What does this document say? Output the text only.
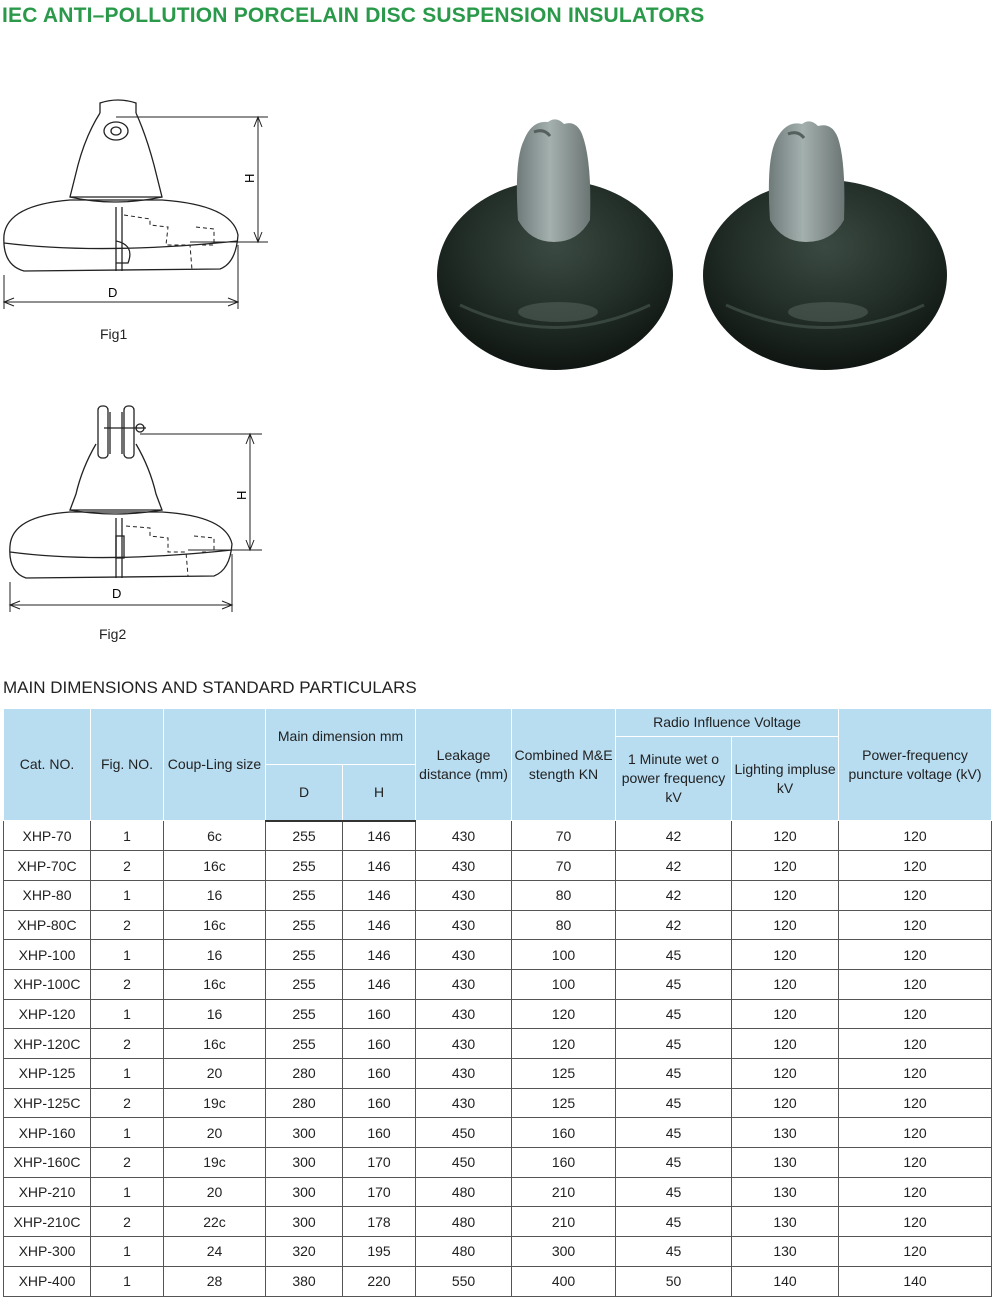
IEC ANTI–POLLUTION PORCELAIN DISC SUSPENSION INSULATORS
H
D
Fig1
H
D
Fig2
MAIN DIMENSIONS AND STANDARD PARTICULARS
Cat. NO.	Fig. NO.	Coup-Ling size	Main dimension mm		Leakage distance (mm)	Combined M&E stength KN	Radio Influence Voltage		Power-frequency puncture voltage (kV)
							1 Minute wet o power frequency kV	Lighting impluse kV	
			D	H					
XHP-70	1	6c	255	146	430	70	42	120	120
XHP-70C	2	16c	255	146	430	70	42	120	120
XHP-80	1	16	255	146	430	80	42	120	120
XHP-80C	2	16c	255	146	430	80	42	120	120
XHP-100	1	16	255	146	430	100	45	120	120
XHP-100C	2	16c	255	146	430	100	45	120	120
XHP-120	1	16	255	160	430	120	45	120	120
XHP-120C	2	16c	255	160	430	120	45	120	120
XHP-125	1	20	280	160	430	125	45	120	120
XHP-125C	2	19c	280	160	430	125	45	120	120
XHP-160	1	20	300	160	450	160	45	130	120
XHP-160C	2	19c	300	170	450	160	45	130	120
XHP-210	1	20	300	170	480	210	45	130	120
XHP-210C	2	22c	300	178	480	210	45	130	120
XHP-300	1	24	320	195	480	300	45	130	120
XHP-400	1	28	380	220	550	400	50	140	140
